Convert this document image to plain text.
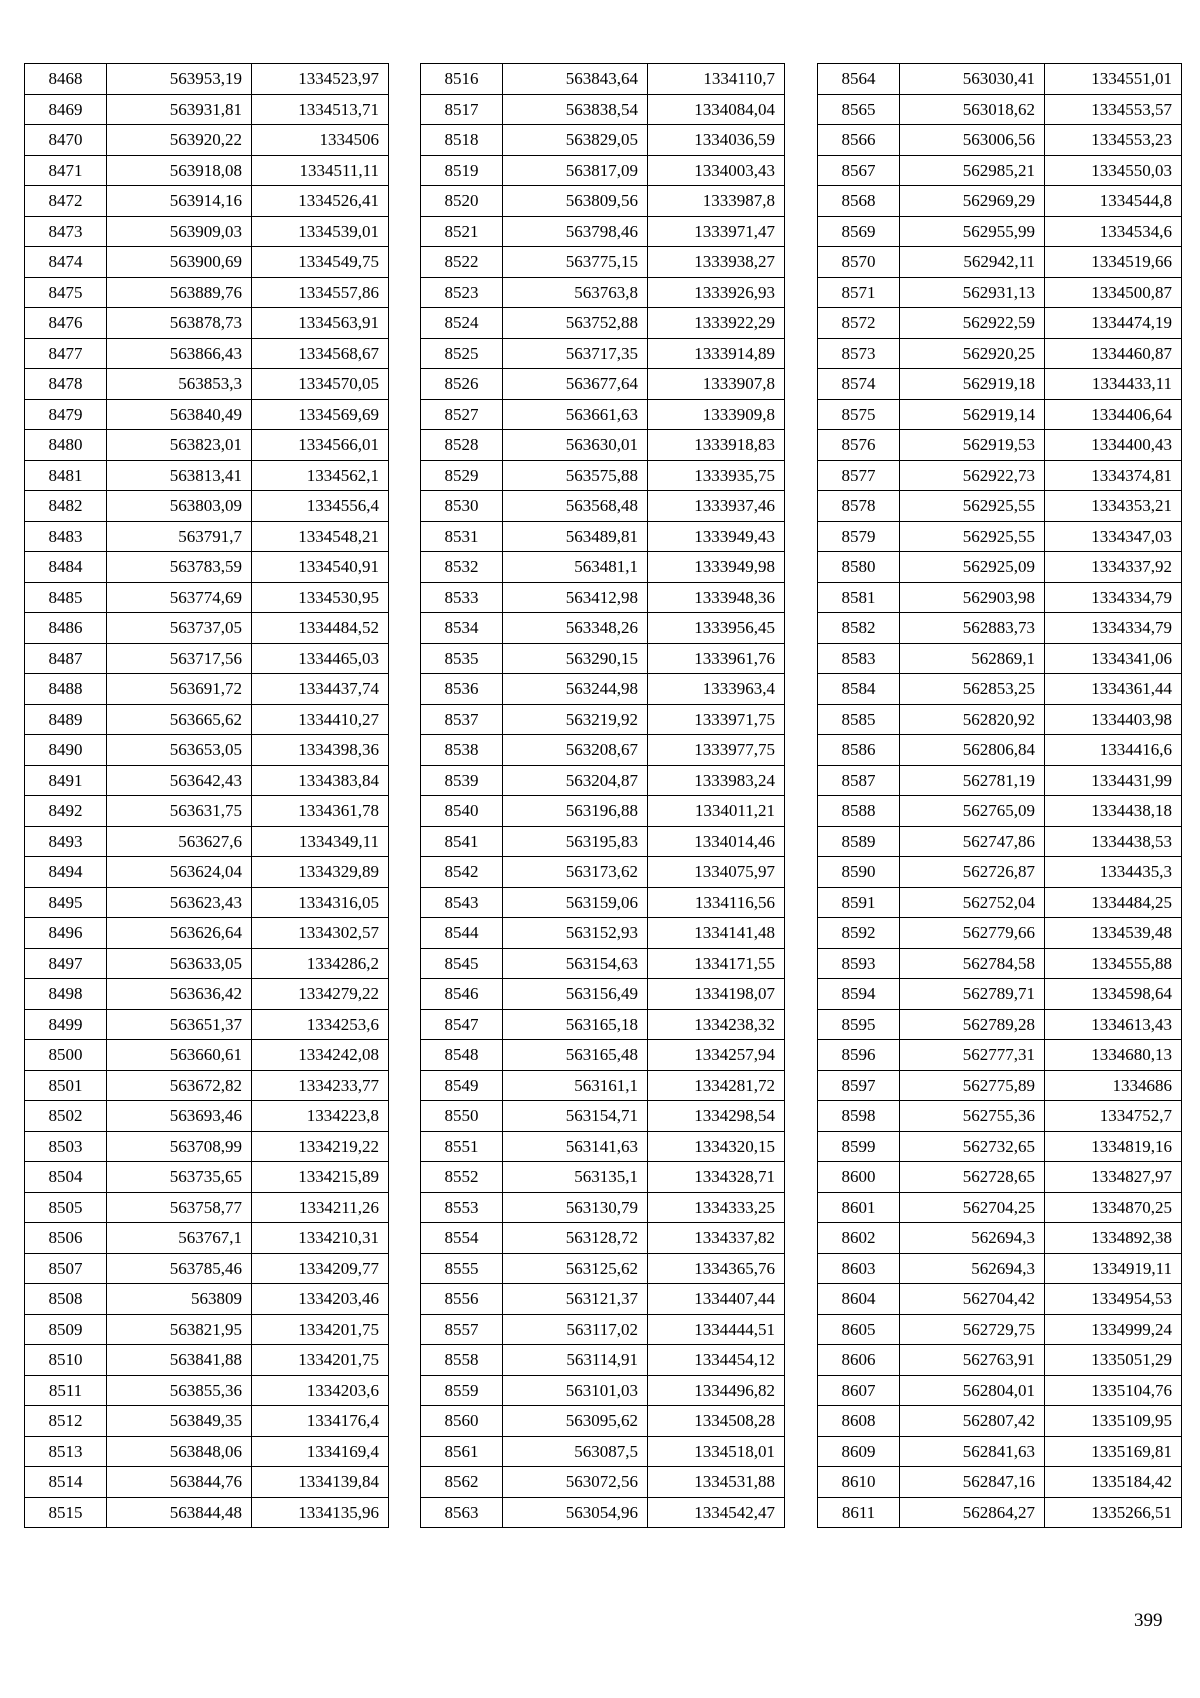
8468	563953,19	1334523,97
8469	563931,81	1334513,71
8470	563920,22	1334506
8471	563918,08	1334511,11
8472	563914,16	1334526,41
8473	563909,03	1334539,01
8474	563900,69	1334549,75
8475	563889,76	1334557,86
8476	563878,73	1334563,91
8477	563866,43	1334568,67
8478	563853,3	1334570,05
8479	563840,49	1334569,69
8480	563823,01	1334566,01
8481	563813,41	1334562,1
8482	563803,09	1334556,4
8483	563791,7	1334548,21
8484	563783,59	1334540,91
8485	563774,69	1334530,95
8486	563737,05	1334484,52
8487	563717,56	1334465,03
8488	563691,72	1334437,74
8489	563665,62	1334410,27
8490	563653,05	1334398,36
8491	563642,43	1334383,84
8492	563631,75	1334361,78
8493	563627,6	1334349,11
8494	563624,04	1334329,89
8495	563623,43	1334316,05
8496	563626,64	1334302,57
8497	563633,05	1334286,2
8498	563636,42	1334279,22
8499	563651,37	1334253,6
8500	563660,61	1334242,08
8501	563672,82	1334233,77
8502	563693,46	1334223,8
8503	563708,99	1334219,22
8504	563735,65	1334215,89
8505	563758,77	1334211,26
8506	563767,1	1334210,31
8507	563785,46	1334209,77
8508	563809	1334203,46
8509	563821,95	1334201,75
8510	563841,88	1334201,75
8511	563855,36	1334203,6
8512	563849,35	1334176,4
8513	563848,06	1334169,4
8514	563844,76	1334139,84
8515	563844,48	1334135,96
8516	563843,64	1334110,7
8517	563838,54	1334084,04
8518	563829,05	1334036,59
8519	563817,09	1334003,43
8520	563809,56	1333987,8
8521	563798,46	1333971,47
8522	563775,15	1333938,27
8523	563763,8	1333926,93
8524	563752,88	1333922,29
8525	563717,35	1333914,89
8526	563677,64	1333907,8
8527	563661,63	1333909,8
8528	563630,01	1333918,83
8529	563575,88	1333935,75
8530	563568,48	1333937,46
8531	563489,81	1333949,43
8532	563481,1	1333949,98
8533	563412,98	1333948,36
8534	563348,26	1333956,45
8535	563290,15	1333961,76
8536	563244,98	1333963,4
8537	563219,92	1333971,75
8538	563208,67	1333977,75
8539	563204,87	1333983,24
8540	563196,88	1334011,21
8541	563195,83	1334014,46
8542	563173,62	1334075,97
8543	563159,06	1334116,56
8544	563152,93	1334141,48
8545	563154,63	1334171,55
8546	563156,49	1334198,07
8547	563165,18	1334238,32
8548	563165,48	1334257,94
8549	563161,1	1334281,72
8550	563154,71	1334298,54
8551	563141,63	1334320,15
8552	563135,1	1334328,71
8553	563130,79	1334333,25
8554	563128,72	1334337,82
8555	563125,62	1334365,76
8556	563121,37	1334407,44
8557	563117,02	1334444,51
8558	563114,91	1334454,12
8559	563101,03	1334496,82
8560	563095,62	1334508,28
8561	563087,5	1334518,01
8562	563072,56	1334531,88
8563	563054,96	1334542,47
8564	563030,41	1334551,01
8565	563018,62	1334553,57
8566	563006,56	1334553,23
8567	562985,21	1334550,03
8568	562969,29	1334544,8
8569	562955,99	1334534,6
8570	562942,11	1334519,66
8571	562931,13	1334500,87
8572	562922,59	1334474,19
8573	562920,25	1334460,87
8574	562919,18	1334433,11
8575	562919,14	1334406,64
8576	562919,53	1334400,43
8577	562922,73	1334374,81
8578	562925,55	1334353,21
8579	562925,55	1334347,03
8580	562925,09	1334337,92
8581	562903,98	1334334,79
8582	562883,73	1334334,79
8583	562869,1	1334341,06
8584	562853,25	1334361,44
8585	562820,92	1334403,98
8586	562806,84	1334416,6
8587	562781,19	1334431,99
8588	562765,09	1334438,18
8589	562747,86	1334438,53
8590	562726,87	1334435,3
8591	562752,04	1334484,25
8592	562779,66	1334539,48
8593	562784,58	1334555,88
8594	562789,71	1334598,64
8595	562789,28	1334613,43
8596	562777,31	1334680,13
8597	562775,89	1334686
8598	562755,36	1334752,7
8599	562732,65	1334819,16
8600	562728,65	1334827,97
8601	562704,25	1334870,25
8602	562694,3	1334892,38
8603	562694,3	1334919,11
8604	562704,42	1334954,53
8605	562729,75	1334999,24
8606	562763,91	1335051,29
8607	562804,01	1335104,76
8608	562807,42	1335109,95
8609	562841,63	1335169,81
8610	562847,16	1335184,42
8611	562864,27	1335266,51
399
